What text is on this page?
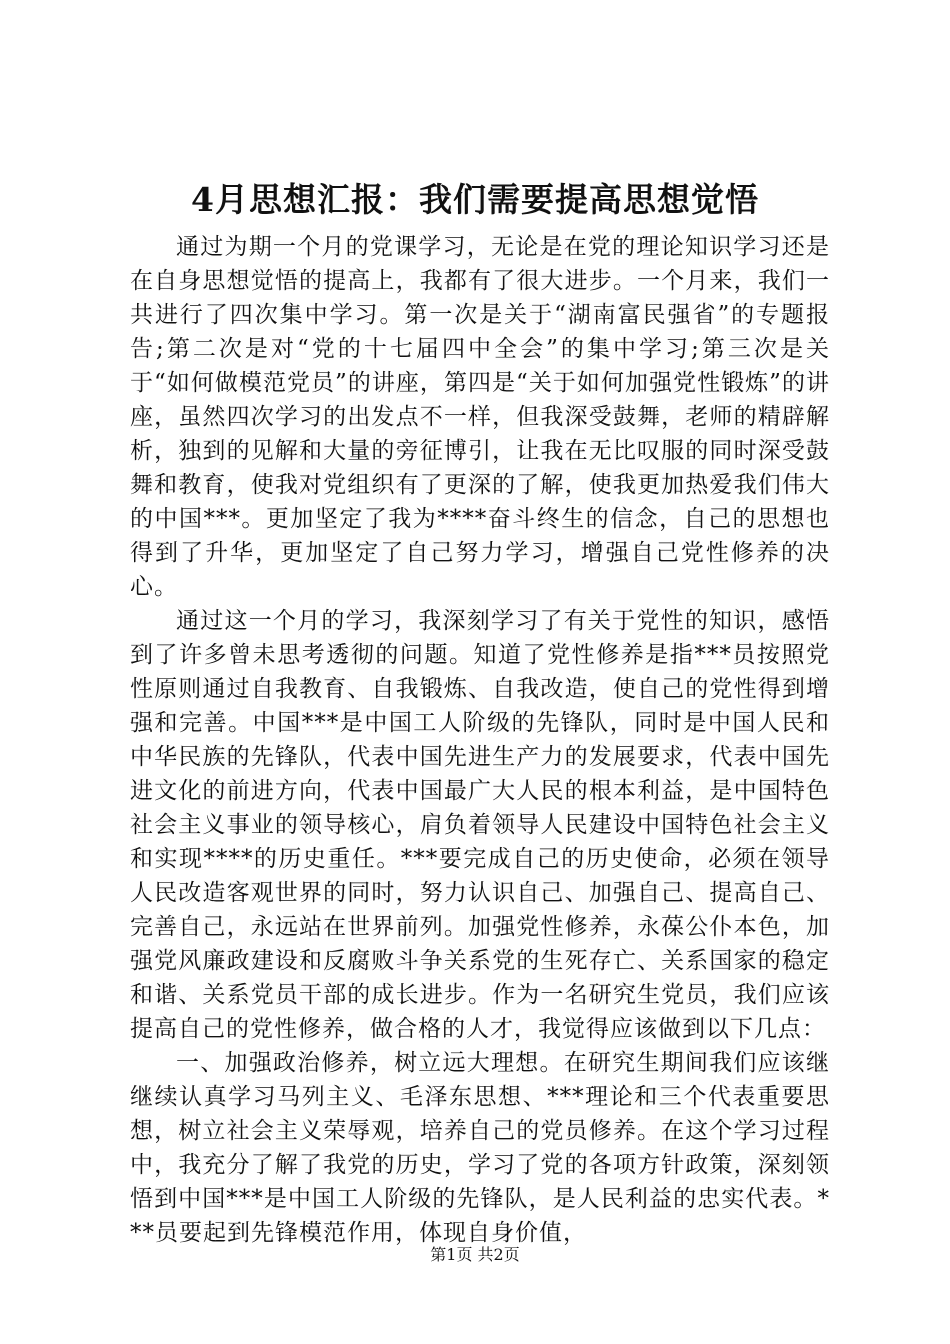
4月思想汇报：我们需要提高思想觉悟

通过为期一个月的党课学习，无论是在党的理论知识学习还是在自身思想觉悟的提高上，我都有了很大进步。一个月来，我们一共进行了四次集中学习。第一次是关于“湖南富民强省”的专题报告;第二次是对“党的十七届四中全会”的集中学习;第三次是关于“如何做模范党员”的讲座，第四是“关于如何加强党性锻炼”的讲座，虽然四次学习的出发点不一样，但我深受鼓舞，老师的精辟解析，独到的见解和大量的旁征博引，让我在无比叹服的同时深受鼓舞和教育，使我对党组织有了更深的了解，使我更加热爱我们伟大的中国***。更加坚定了我为****奋斗终生的信念，自己的思想也得到了升华，更加坚定了自己努力学习，增强自己党性修养的决心。

通过这一个月的学习，我深刻学习了有关于党性的知识，感悟到了许多曾未思考透彻的问题。知道了党性修养是指***员按照党性原则通过自我教育、自我锻炼、自我改造，使自己的党性得到增强和完善。中国***是中国工人阶级的先锋队，同时是中国人民和中华民族的先锋队，代表中国先进生产力的发展要求，代表中国先进文化的前进方向，代表中国最广大人民的根本利益，是中国特色社会主义事业的领导核心，肩负着领导人民建设中国特色社会主义和实现****的历史重任。***要完成自己的历史使命，必须在领导人民改造客观世界的同时，努力认识自己、加强自己、提高自己、完善自己，永远站在世界前列。加强党性修养，永葆公仆本色，加强党风廉政建设和反腐败斗争关系党的生死存亡、关系国家的稳定和谐、关系党员干部的成长进步。作为一名研究生党员，我们应该提高自己的党性修养，做合格的人才，我觉得应该做到以下几点：

一、加强政治修养，树立远大理想。在研究生期间我们应该继继续认真学习马列主义、毛泽东思想、***理论和三个代表重要思想，树立社会主义荣辱观，培养自己的党员修养。在这个学习过程中，我充分了解了我党的历史，学习了党的各项方针政策，深刻领悟到中国***是中国工人阶级的先锋队，是人民利益的忠实代表。***员要起到先锋模范作用，体现自身价值，

第1页 共2页
